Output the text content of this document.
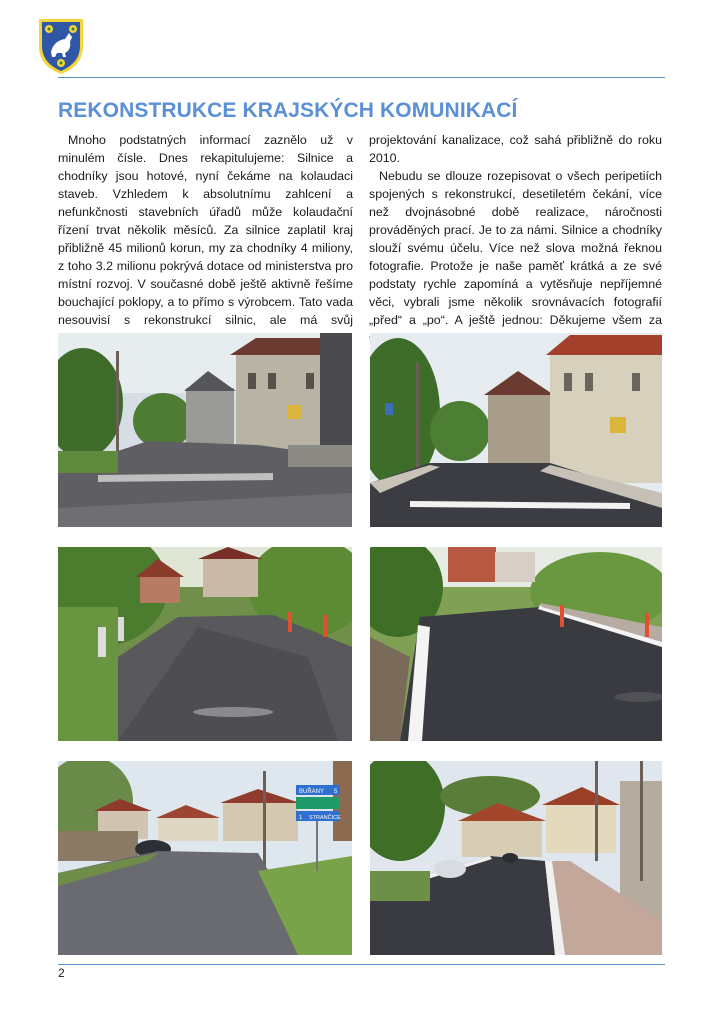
REKONSTRUKCE KRAJSKÝCH KOMUNIKACÍ

Mnoho podstatných informací zaznělo už v minulém čísle. Dnes rekapitulujeme: Silnice a chodníky jsou hotové, nyní čekáme na kolaudaci staveb. Vzhledem k absolutnímu zahlcení a nefunkčnosti stavebních úřadů může kolaudační řízení trvat několik měsíců. Za silnice zaplatil kraj přibližně 45 milionů korun, my za chodníky 4 miliony, z toho 3.2 milionu pokrývá dotace od ministerstva pro místní rozvoj. V současné době ještě aktivně řešíme bouchající poklopy, a to přímo s výrobcem. Tato vada nesouvisí s rekonstrukcí silnic, ale má svůj

projektování kanalizace, což sahá přibližně do roku 2010.

Nebudu se dlouze rozepisovat o všech peripetiích spojených s rekonstrukcí, desetiletém čekání, více než dvojnásobné době realizace, náročnosti prováděných prací. Je to za námi. Silnice a chodníky slouží svému účelu. Více než slova možná řeknou fotografie. Protože je naše paměť krátká a ze své podstaty rychle zapomíná a vytěsňuje nepříjemné věci, vybrali jsme několik srovnávacích fotografií „před“ a „po“. A ještě jednou: Děkujeme všem za

BUŘANY 5
1 STRANČICE
2
